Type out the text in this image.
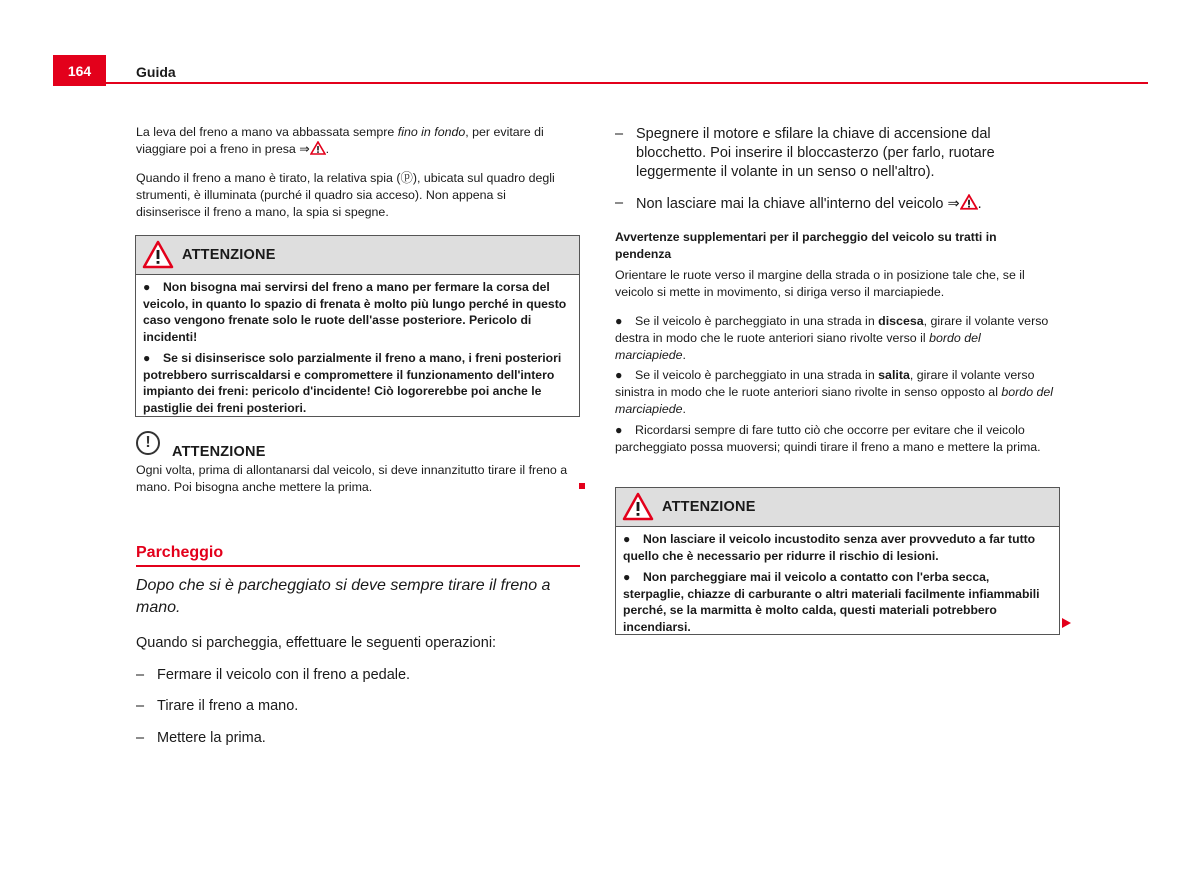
164	Guida

La leva del freno a mano va abbassata sempre fino in fondo, per evitare di viaggiare poi a freno in presa ⇒ .

Quando il freno a mano è tirato, la relativa spia (ⓟ), ubicata sul quadro degli strumenti, è illuminata (purché il quadro sia acceso). Non appena si disinserisce il freno a mano, la spia si spegne.

ATTENZIONE
● Non bisogna mai servirsi del freno a mano per fermare la corsa del veicolo, in quanto lo spazio di frenata è molto più lungo perché in questo caso vengono frenate solo le ruote dell'asse posteriore. Pericolo di incidenti!
● Se si disinserisce solo parzialmente il freno a mano, i freni posteriori potrebbero surriscaldarsi e compromettere il funzionamento dell'intero impianto dei freni: pericolo d'incidente! Ciò logorerebbe poi anche le pastiglie dei freni posteriori.
!
ATTENZIONE

Ogni volta, prima di allontanarsi dal veicolo, si deve innanzitutto tirare il freno a mano. Poi bisogna anche mettere la prima.

Parcheggio

Dopo che si è parcheggiato si deve sempre tirare il freno a mano.

Quando si parcheggia, effettuare le seguenti operazioni:

– Fermare il veicolo con il freno a pedale.
– Tirare il freno a mano.
– Mettere la prima.
– Spegnere il motore e sfilare la chiave di accensione dal blocchetto. Poi inserire il bloccasterzo (per farlo, ruotare leggermente il volante in un senso o nell'altro).
– Non lasciare mai la chiave all'interno del veicolo ⇒ .

Avvertenze supplementari per il parcheggio del veicolo su tratti in pendenza

Orientare le ruote verso il margine della strada o in posizione tale che, se il veicolo si mette in movimento, si diriga verso il marciapiede.

● Se il veicolo è parcheggiato in una strada in discesa, girare il volante verso destra in modo che le ruote anteriori siano rivolte verso il bordo del marciapiede.

● Se il veicolo è parcheggiato in una strada in salita, girare il volante verso sinistra in modo che le ruote anteriori siano rivolte in senso opposto al bordo del marciapiede.

● Ricordarsi sempre di fare tutto ciò che occorre per evitare che il veicolo parcheggiato possa muoversi; quindi tirare il freno a mano e mettere la prima.

ATTENZIONE
● Non lasciare il veicolo incustodito senza aver provveduto a far tutto quello che è necessario per ridurre il rischio di lesioni.
● Non parcheggiare mai il veicolo a contatto con l'erba secca, sterpaglie, chiazze di carburante o altri materiali facilmente infiammabili perché, se la marmitta è molto calda, questi materiali potrebbero incendiarsi.
